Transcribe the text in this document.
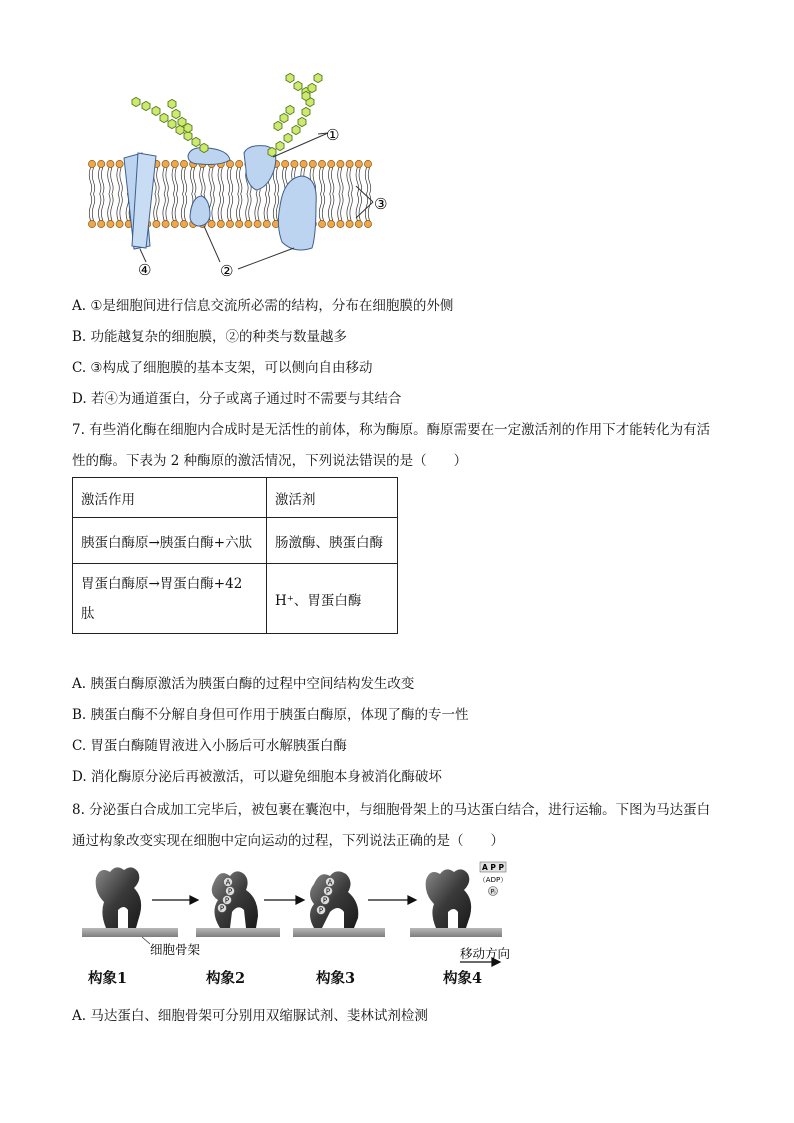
①
③
②
④
A. ①是细胞间进行信息交流所必需的结构，分布在细胞膜的外侧
B. 功能越复杂的细胞膜，②的种类与数量越多
C. ③构成了细胞膜的基本支架，可以侧向自由移动
D. 若④为通道蛋白，分子或离子通过时不需要与其结合
7. 有些消化酶在细胞内合成时是无活性的前体，称为酶原。酶原需要在一定激活剂的作用下才能转化为有活性的酶。下表为 2 种酶原的激活情况，下列说法错误的是（　　）
激活作用	激活剂
胰蛋白酶原→胰蛋白酶+六肽	肠激酶、胰蛋白酶
胃蛋白酶原→胃蛋白酶+42
肽	H⁺、胃蛋白酶
A. 胰蛋白酶原激活为胰蛋白酶的过程中空间结构发生改变
B. 胰蛋白酶不分解自身但可作用于胰蛋白酶原，体现了酶的专一性
C. 胃蛋白酶随胃液进入小肠后可水解胰蛋白酶
D. 消化酶原分泌后再被激活，可以避免细胞本身被消化酶破坏
8. 分泌蛋白合成加工完毕后，被包裹在囊泡中，与细胞骨架上的马达蛋白结合，进行运输。下图为马达蛋白通过构象改变实现在细胞中定向运动的过程，下列说法正确的是（　　）
A
P
P
P
A
P
P
P
A P P
（ADP）
Pᵢ
细胞骨架	移动方向
构象1	构象2	构象3	构象4
A. 马达蛋白、细胞骨架可分别用双缩脲试剂、斐林试剂检测
